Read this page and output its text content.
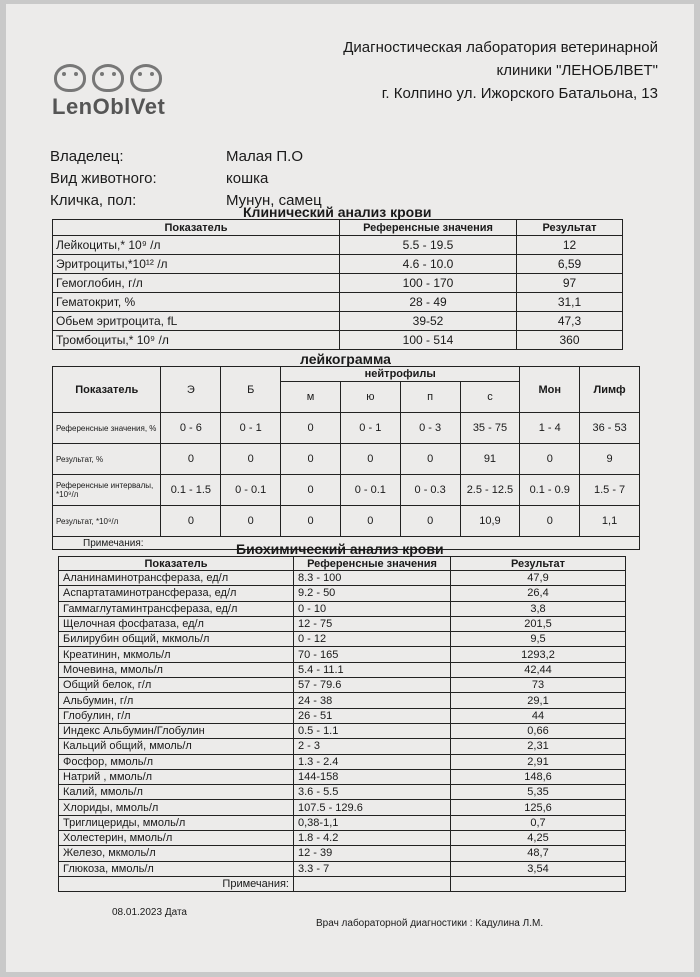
LenOblVet
Диагностическая лаборатория ветеринарной
клиники "ЛЕНОБЛВЕТ"
г. Колпино ул. Ижорского Батальона, 13
Владелец:	Малая П.О
Вид животного:	кошка
Кличка, пол:	Мунун, самец
Клинический анализ крови
Показатель	Референсные значения	Результат
Лейкоциты,* 10⁹ /л	5.5 - 19.5	12
Эритроциты,*10¹² /л	4.6 - 10.0	6,59
Гемоглобин, г/л	100 - 170	97
Гематокрит, %	28 - 49	31,1
Обьем эритроцита, fL	39-52	47,3
Тромбоциты,* 10⁹ /л	100 - 514	360
лейкограмма
Показатель	Э	Б	нейтрофилы				Мон	Лимф
			м	ю	п	с		
Референсные значения, %	0 - 6	0 - 1	0	0 - 1	0 - 3	35 - 75	1 - 4	36 - 53
Результат, %	0	0	0	0	0	91	0	9
Референсные интервалы, *10⁹/л	0.1 - 1.5	0 - 0.1	0	0 - 0.1	0 - 0.3	2.5 - 12.5	0.1 - 0.9	1.5 - 7
Результат, *10⁹/л	0	0	0	0	0	10,9	0	1,1
Примечания:									Биохимический анализ крови
Показатель	Референсные значения	Результат
Аланинаминотрансфераза, ед/л	8.3 - 100	47,9
Аспартатаминотрансфераза, ед/л	9.2 - 50	26,4
Гаммаглутаминтрансфераза, ед/л	0 - 10	3,8
Щелочная фосфатаза, ед/л	12 - 75	201,5
Билирубин общий, мкмоль/л	0 - 12	9,5
Креатинин, мкмоль/л	70 - 165	1293,2
Мочевина, ммоль/л	5.4 - 11.1	42,44
Общий белок, г/л	57 - 79.6	73
Альбумин, г/л	24 - 38	29,1
Глобулин, г/л	26 - 51	44
Индекс Альбумин/Глобулин	0.5 - 1.1	0,66
Кальций общий, ммоль/л	2 - 3	2,31
Фосфор, ммоль/л	1.3 - 2.4	2,91
Натрий , ммоль/л	144-158	148,6
Калий, ммоль/л	3.6 - 5.5	5,35
Хлориды, ммоль/л	107.5 - 129.6	125,6
Триглицериды, ммоль/л	0,38-1,1	0,7
Холестерин, ммоль/л	1.8 - 4.2	4,25
Железо, мкмоль/л	12 - 39	48,7
Глюкоза, ммоль/л	3.3 - 7	3,54
Примечания:		
08.01.2023 Дата
Врач лабораторной диагностики : Кадулина Л.М.
